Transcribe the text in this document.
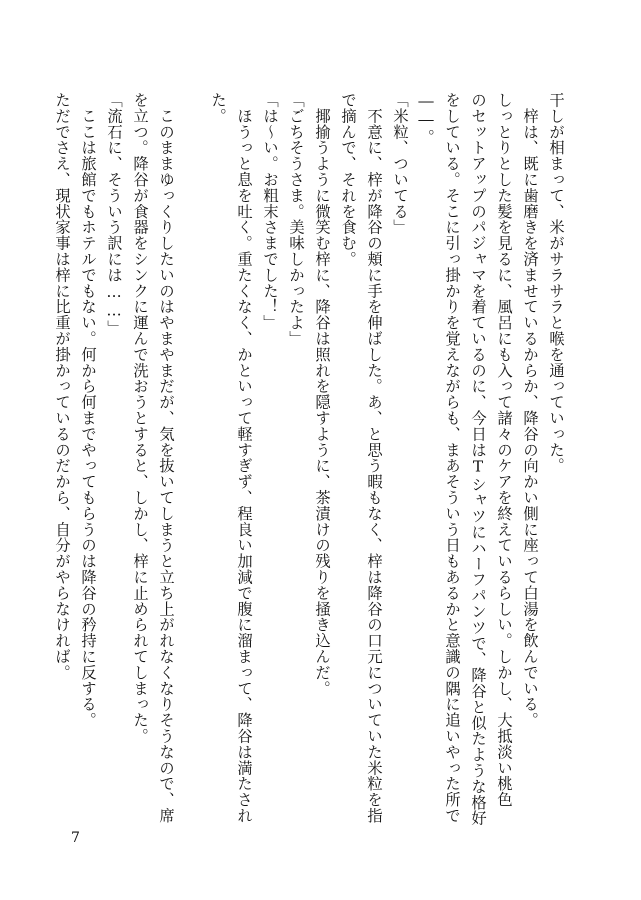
干しが相まって、米がサラサラと喉を通っていった。

　梓は、既に歯磨きを済ませているからか、降谷の向かい側に座って白湯を飲んでいる。

しっとりとした髪を見るに、風呂にも入って諸々のケアを終えているらしい。しかし、大抵淡い桃色

のセットアップのパジャマを着ているのに、今日はTシャツにハーフパンツで、降谷と似たような格好

をしている。そこに引っ掛かりを覚えながらも、まあそういう日もあるかと意識の隅に追いやった所で

――。

「米粒、ついてる」

　不意に、梓が降谷の頬に手を伸ばした。あ、と思う暇もなく、梓は降谷の口元についていた米粒を指

で摘んで、それを食む。

　揶揄うように微笑む梓に、降谷は照れを隠すように、茶漬けの残りを掻き込んだ。

「ごちそうさま。美味しかったよ」

「は～い。お粗末さまでした！」

　ほうっと息を吐く。重たくなく、かといって軽すぎず、程良い加減で腹に溜まって、降谷は満たされ

た。

　このままゆっくりしたいのはやまやまだが、気を抜いてしまうと立ち上がれなくなりそうなので、席

を立つ。降谷が食器をシンクに運んで洗おうとすると、しかし、梓に止められてしまった。

「流石に、そういう訳には……」

　ここは旅館でもホテルでもない。何から何までやってもらうのは降谷の矜持に反する。

ただでさえ、現状家事は梓に比重が掛かっているのだから、自分がやらなければ。

7
